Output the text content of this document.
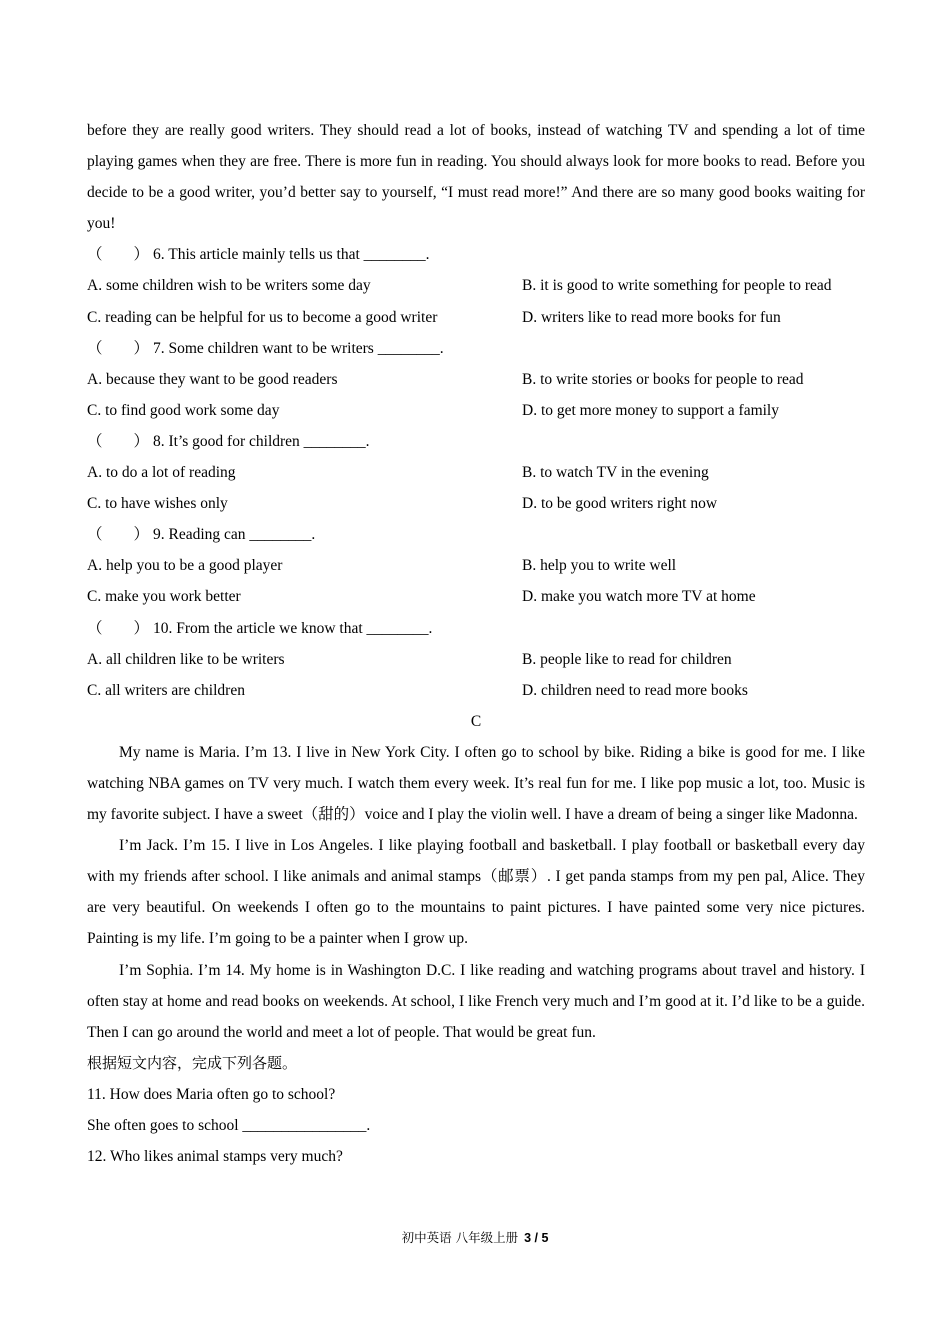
before they are really good writers. They should read a lot of books, instead of watching TV and spending a lot of time playing games when they are free. There is more fun in reading. You should always look for more books to read. Before you decide to be a good writer, you’d better say to yourself, “I must read more!” And there are so many good books waiting for you!

（　　） 6. This article mainly tells us that ________.
A. some children wish to be writers some day	B. it is good to write something for people to read
C. reading can be helpful for us to become a good writer	D. writers like to read more books for fun
（　　） 7. Some children want to be writers ________.
A. because they want to be good readers	B. to write stories or books for people to read
C. to find good work some day	D. to get more money to support a family
（　　） 8. It’s good for children ________.
A. to do a lot of reading	B. to watch TV in the evening
C. to have wishes only	D. to be good writers right now
（　　） 9. Reading can ________.
A. help you to be a good player	B. help you to write well
C. make you work better	D. make you watch more TV at home
（　　） 10. From the article we know that ________.
A. all children like to be writers	B. people like to read for children
C. all writers are children	D. children need to read more books
C

My name is Maria. I’m 13. I live in New York City. I often go to school by bike. Riding a bike is good for me. I like watching NBA games on TV very much. I watch them every week. It’s real fun for me. I like pop music a lot, too. Music is my favorite subject. I have a sweet（甜的）voice and I play the violin well. I have a dream of being a singer like Madonna.

I’m Jack. I’m 15. I live in Los Angeles. I like playing football and basketball. I play football or basketball every day with my friends after school. I like animals and animal stamps（邮票）. I get panda stamps from my pen pal, Alice. They are very beautiful. On weekends I often go to the mountains to paint pictures. I have painted some very nice pictures. Painting is my life. I’m going to be a painter when I grow up.

I’m Sophia. I’m 14. My home is in Washington D.C. I like reading and watching programs about travel and history. I often stay at home and read books on weekends. At school, I like French very much and I’m good at it. I’d like to be a guide. Then I can go around the world and meet a lot of people. That would be great fun.

根据短文内容，完成下列各题。
11. How does Maria often go to school?
She often goes to school ________________.
12. Who likes animal stamps very much?
初中英语 八年级上册 3 / 5
